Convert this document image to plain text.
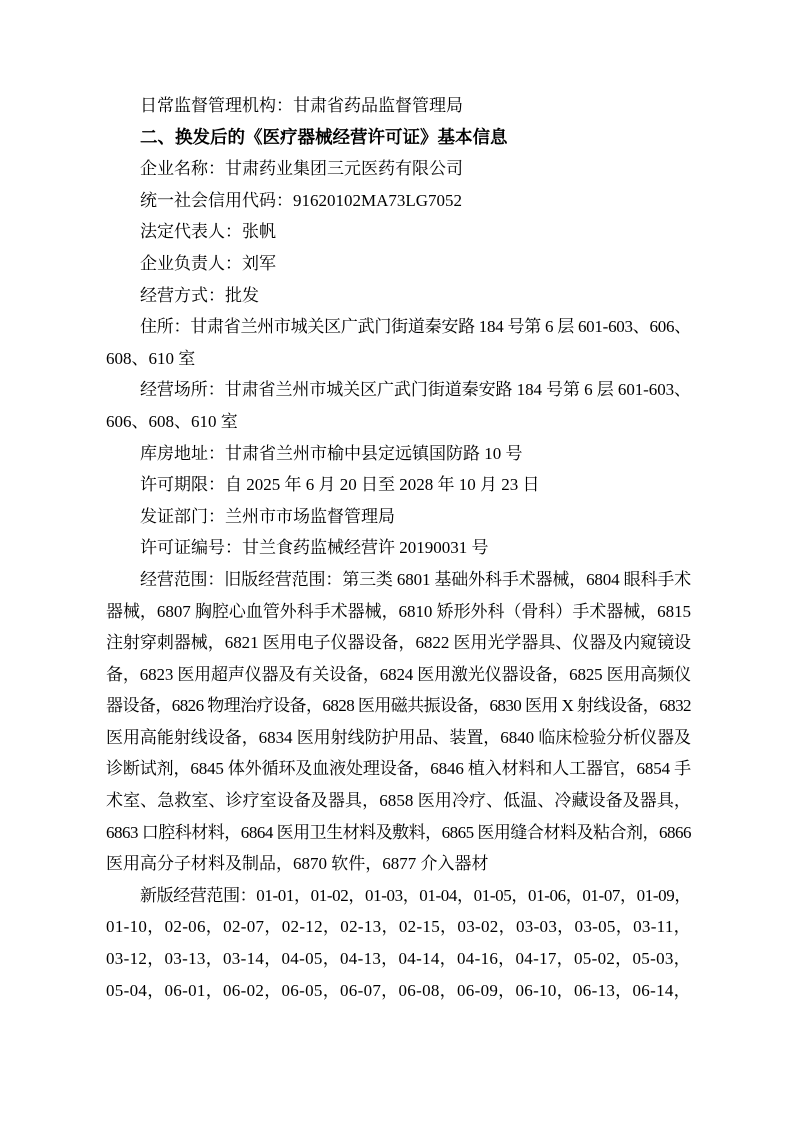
日常监督管理机构：甘肃省药品监督管理局
二、换发后的《医疗器械经营许可证》基本信息
企业名称：甘肃药业集团三元医药有限公司
统一社会信用代码：91620102MA73LG7052
法定代表人：张帆
企业负责人：刘军
经营方式：批发
住所：甘肃省兰州市城关区广武门街道秦安路 184 号第 6 层 601-603、606、
608、610 室
经营场所：甘肃省兰州市城关区广武门街道秦安路 184 号第 6 层 601-603、
606、608、610 室
库房地址：甘肃省兰州市榆中县定远镇国防路 10 号
许可期限：自 2025 年 6 月 20 日至 2028 年 10 月 23 日
发证部门：兰州市市场监督管理局
许可证编号：甘兰食药监械经营许 20190031 号
经营范围：旧版经营范围：第三类 6801 基础外科手术器械，6804 眼科手术
器械，6807 胸腔心血管外科手术器械，6810 矫形外科（骨科）手术器械，6815
注射穿刺器械，6821 医用电子仪器设备，6822 医用光学器具、仪器及内窥镜设
备，6823 医用超声仪器及有关设备，6824 医用激光仪器设备，6825 医用高频仪
器设备，6826 物理治疗设备，6828 医用磁共振设备，6830 医用 X 射线设备，6832
医用高能射线设备，6834 医用射线防护用品、装置，6840 临床检验分析仪器及
诊断试剂，6845 体外循环及血液处理设备，6846 植入材料和人工器官，6854 手
术室、急救室、诊疗室设备及器具，6858 医用冷疗、低温、冷藏设备及器具，
6863 口腔科材料，6864 医用卫生材料及敷料，6865 医用缝合材料及粘合剂，6866
医用高分子材料及制品，6870 软件，6877 介入器材
新版经营范围：01-01，01-02，01-03，01-04，01-05，01-06，01-07，01-09，
01-10，02-06，02-07，02-12，02-13，02-15，03-02，03-03，03-05，03-11，
03-12，03-13，03-14，04-05，04-13，04-14，04-16，04-17，05-02，05-03，
05-04，06-01，06-02，06-05，06-07，06-08，06-09，06-10，06-13，06-14，
